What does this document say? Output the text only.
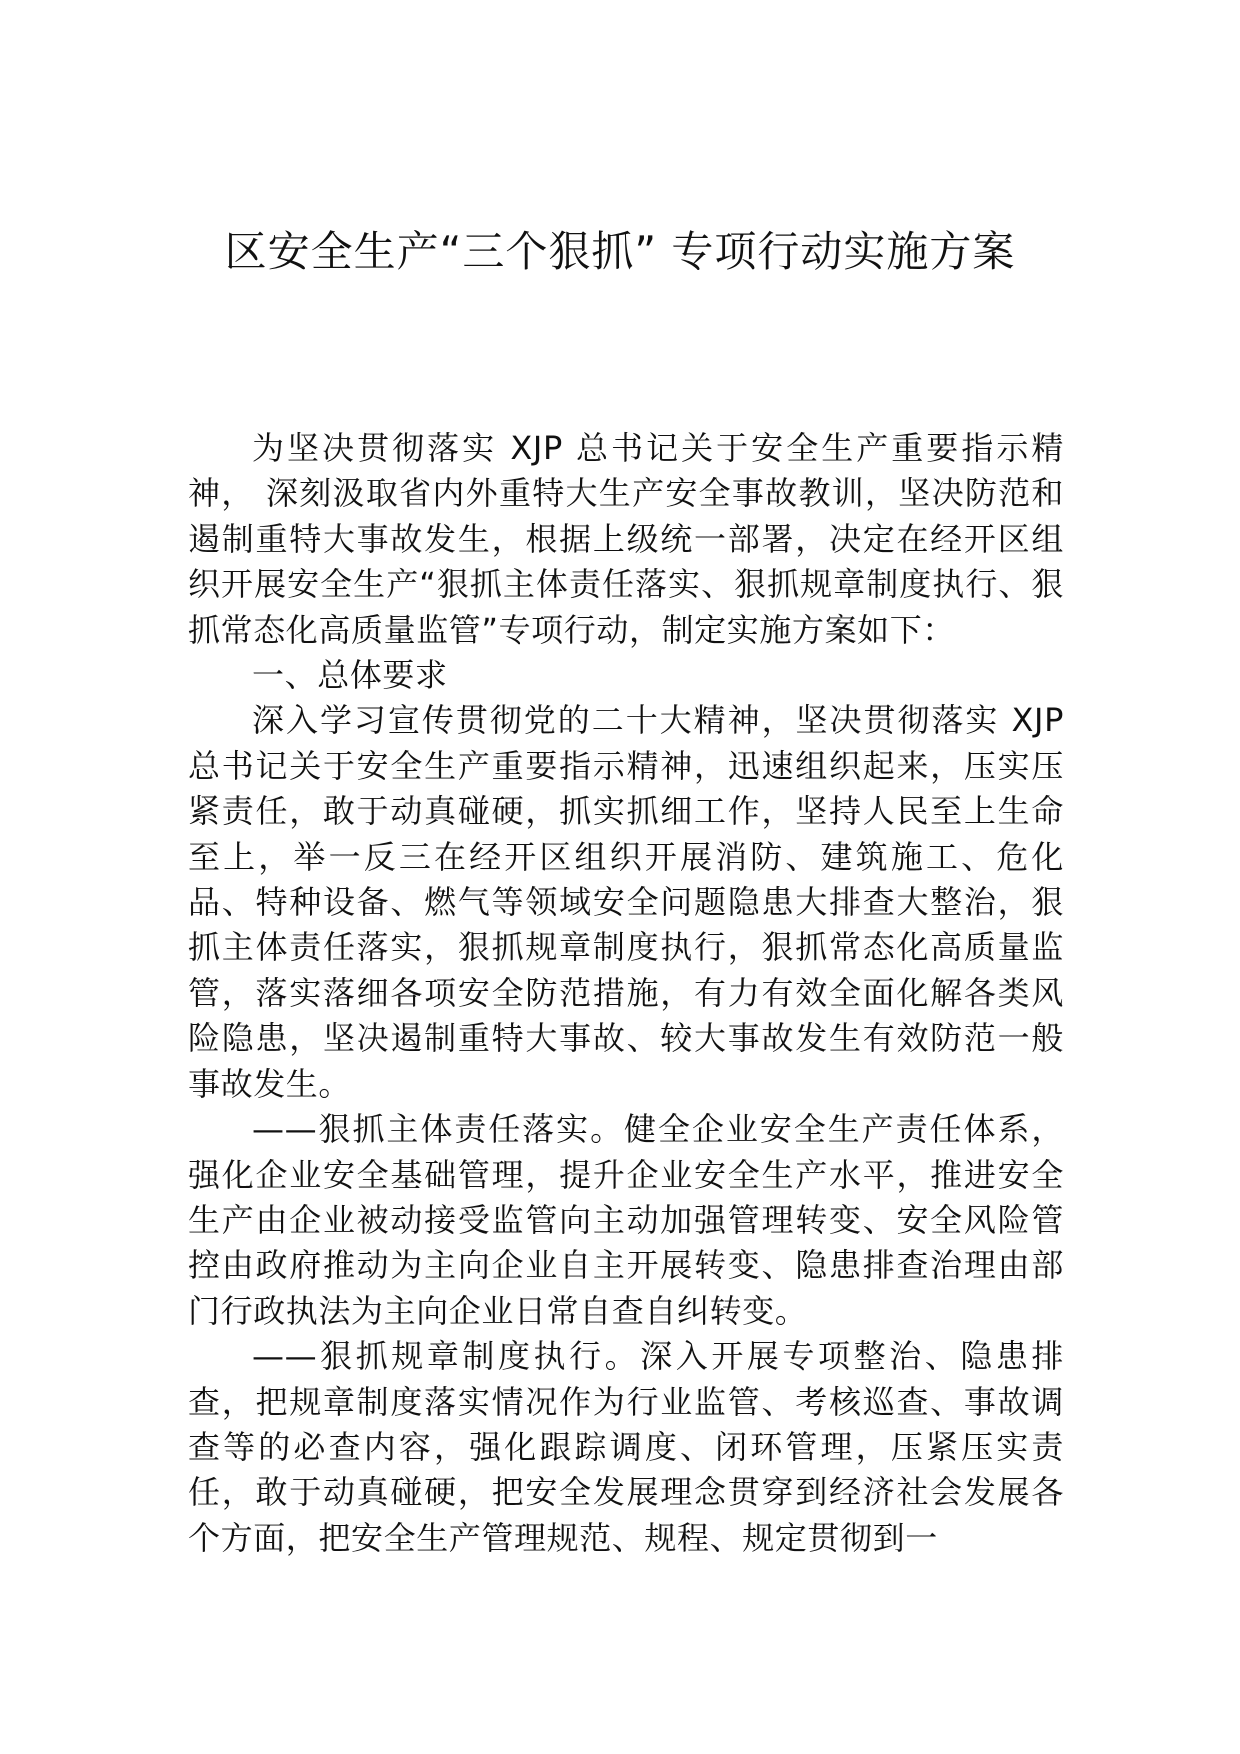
区安全生产“三个狠抓” 专项行动实施方案

为坚决贯彻落实 XJP 总书记关于安全生产重要指示精神， 深刻汲取省内外重特大生产安全事故教训，坚决防范和遏制重特大事故发生，根据上级统一部署，决定在经开区组织开展安全生产“狠抓主体责任落实、狠抓规章制度执行、狠抓常态化高质量监管”专项行动，制定实施方案如下：

一、总体要求

深入学习宣传贯彻党的二十大精神，坚决贯彻落实 XJP 总书记关于安全生产重要指示精神，迅速组织起来，压实压紧责任，敢于动真碰硬，抓实抓细工作，坚持人民至上生命至上，举一反三在经开区组织开展消防、建筑施工、危化品、特种设备、燃气等领域安全问题隐患大排查大整治，狠抓主体责任落实，狠抓规章制度执行，狠抓常态化高质量监管，落实落细各项安全防范措施，有力有效全面化解各类风险隐患，坚决遏制重特大事故、较大事故发生有效防范一般事故发生。

——狠抓主体责任落实。健全企业安全生产责任体系，强化企业安全基础管理，提升企业安全生产水平，推进安全生产由企业被动接受监管向主动加强管理转变、安全风险管控由政府推动为主向企业自主开展转变、隐患排查治理由部门行政执法为主向企业日常自查自纠转变。

——狠抓规章制度执行。深入开展专项整治、隐患排查，把规章制度落实情况作为行业监管、考核巡查、事故调查等的必查内容，强化跟踪调度、闭环管理，压紧压实责任，敢于动真碰硬，把安全发展理念贯穿到经济社会发展各个方面，把安全生产管理规范、规程、规定贯彻到一
